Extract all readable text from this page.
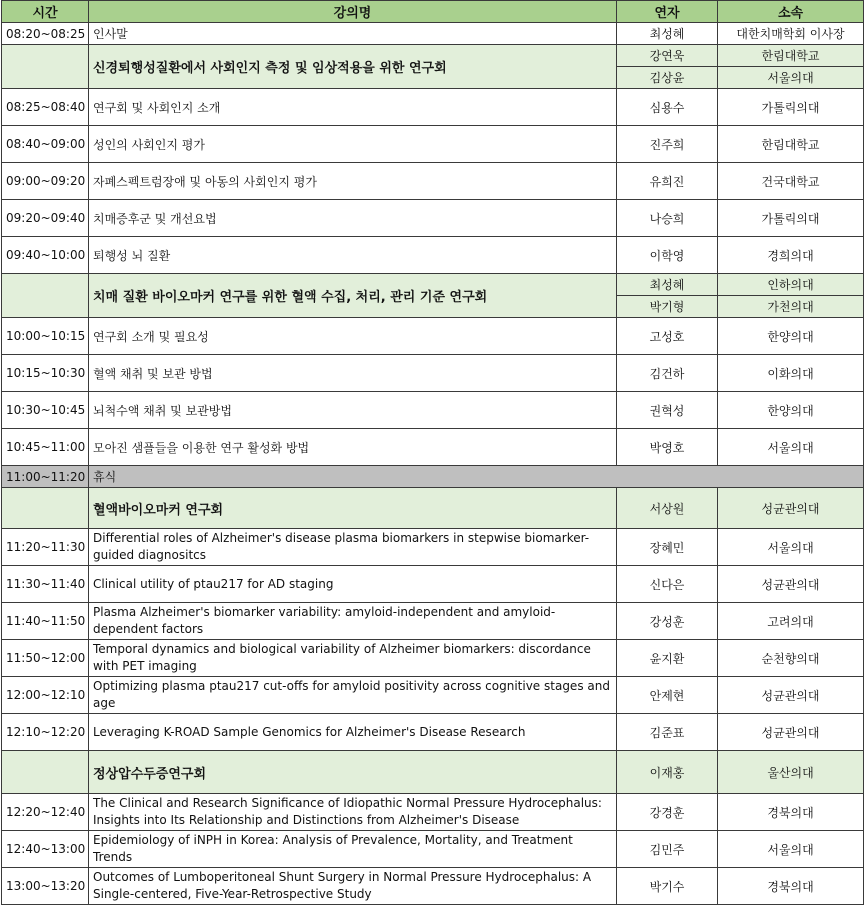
시간	강의명	연자	소속
08:20~08:25	인사말	최성혜	대한치매학회 이사장
	신경퇴행성질환에서 사회인지 측정 및 임상적용을 위한 연구회	강연욱	한림대학교
		김상윤	서울의대
08:25~08:40	연구회 및 사회인지 소개	심용수	가톨릭의대
08:40~09:00	성인의 사회인지 평가	진주희	한림대학교
09:00~09:20	자폐스펙트럼장애 및 아동의 사회인지 평가	유희진	건국대학교
09:20~09:40	치매증후군 및 개선요법	나승희	가톨릭의대
09:40~10:00	퇴행성 뇌 질환	이학영	경희의대
	치매 질환 바이오마커 연구를 위한 혈액 수집, 처리, 관리 기준 연구회	최성혜	인하의대
		박기형	가천의대
10:00~10:15	연구회 소개 및 필요성	고성호	한양의대
10:15~10:30	혈액 채취 및 보관 방법	김건하	이화의대
10:30~10:45	뇌척수액 채취 및 보관방법	권혁성	한양의대
10:45~11:00	모아진 샘플들을 이용한 연구 활성화 방법	박영호	서울의대
11:00~11:20	휴식		
	혈액바이오마커 연구회	서상원	성균관의대
11:20~11:30	Differential roles of Alzheimer's disease plasma biomarkers in stepwise biomarker-guided diagnositcs	장혜민	서울의대
11:30~11:40	Clinical utility of ptau217 for AD staging	신다은	성균관의대
11:40~11:50	Plasma Alzheimer's biomarker variability: amyloid-independent and amyloid-dependent factors	강성훈	고려의대
11:50~12:00	Temporal dynamics and biological variability of Alzheimer biomarkers: discordance with PET imaging	윤지환	순천향의대
12:00~12:10	Optimizing plasma ptau217 cut-offs for amyloid positivity across cognitive stages and age	안제현	성균관의대
12:10~12:20	Leveraging K-ROAD Sample Genomics for Alzheimer's Disease Research	김준표	성균관의대
	정상압수두증연구회	이재홍	울산의대
12:20~12:40	The Clinical and Research Significance of Idiopathic Normal Pressure Hydrocephalus: Insights into Its Relationship and Distinctions from Alzheimer's Disease	강경훈	경북의대
12:40~13:00	Epidemiology of iNPH in Korea: Analysis of Prevalence, Mortality, and Treatment Trends	김민주	서울의대
13:00~13:20	Outcomes of Lumboperitoneal Shunt Surgery in Normal Pressure Hydrocephalus: A Single-centered, Five-Year-Retrospective Study	박기수	경북의대
